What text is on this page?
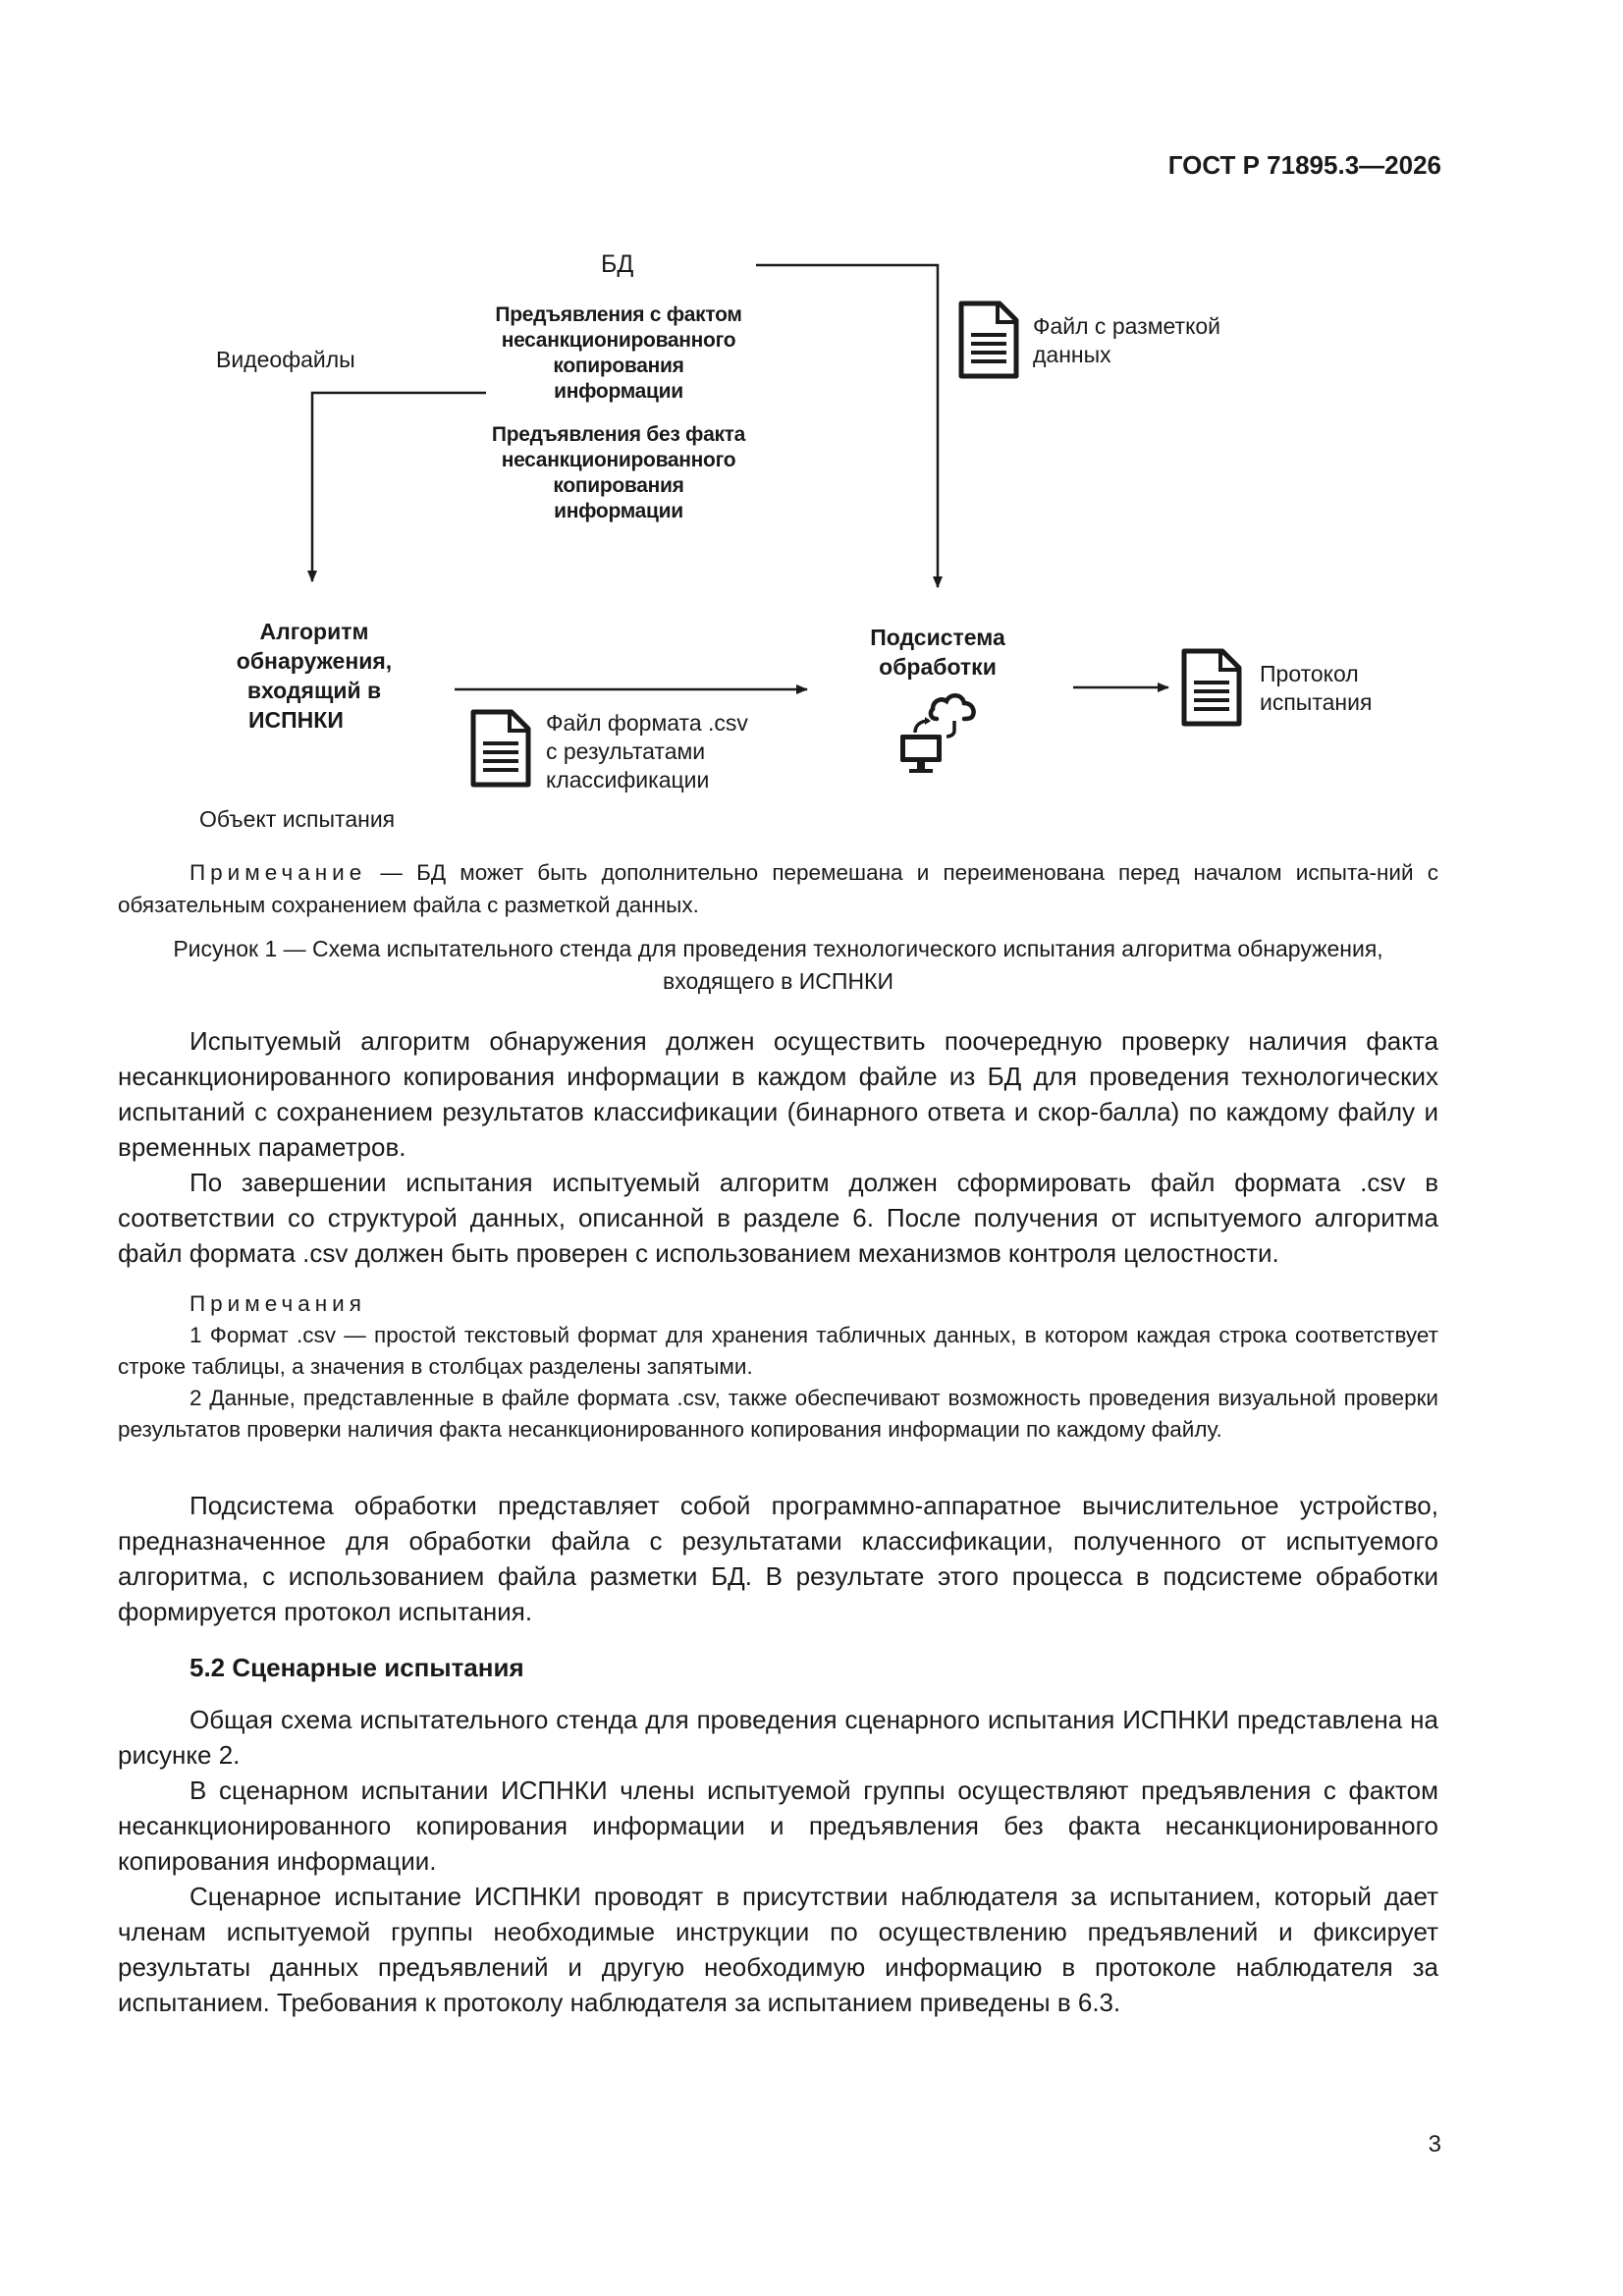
ГОСТ Р 71895.3—2026
БД
Предъявления с фактом
несанкционированного
копирования
информации
Предъявления без факта
несанкционированного
копирования
информации
Видеофайлы
Файл с разметкой
данных
Алгоритм
обнаружения,
входящий в
ИСПНКИ
Объект испытания
Файл формата .csv
с результатами
классификации
Подсистема
обработки	Протокол
испытания
Примечание — БД может быть дополнительно перемешана и переименована перед началом испыта-ний с обязательным сохранением файла с разметкой данных.
Рисунок 1 — Схема испытательного стенда для проведения технологического испытания алгоритма обнаружения, входящего в ИСПНКИ

Испытуемый алгоритм обнаружения должен осуществить поочередную проверку наличия факта несанкционированного копирования информации в каждом файле из БД для проведения технологических испытаний с сохранением результатов классификации (бинарного ответа и скор-балла) по каждому файлу и временных параметров.

По завершении испытания испытуемый алгоритм должен сформировать файл формата .csv в соответствии со структурой данных, описанной в разделе 6. После получения от испытуемого алгоритма файл формата .csv должен быть проверен с использованием механизмов контроля целостности.

Примечания
1 Формат .csv — простой текстовый формат для хранения табличных данных, в котором каждая строка соответствует строке таблицы, а значения в столбцах разделены запятыми.
2 Данные, представленные в файле формата .csv, также обеспечивают возможность проведения визуальной проверки результатов проверки наличия факта несанкционированного копирования информации по каждому файлу.

Подсистема обработки представляет собой программно-аппаратное вычислительное устройство, предназначенное для обработки файла с результатами классификации, полученного от испытуемого алгоритма, с использованием файла разметки БД. В результате этого процесса в подсистеме обработки формируется протокол испытания.

5.2 Сценарные испытания

Общая схема испытательного стенда для проведения сценарного испытания ИСПНКИ представлена на рисунке 2.

В сценарном испытании ИСПНКИ члены испытуемой группы осуществляют предъявления с фактом несанкционированного копирования информации и предъявления без факта несанкционированного копирования информации.

Сценарное испытание ИСПНКИ проводят в присутствии наблюдателя за испытанием, который дает членам испытуемой группы необходимые инструкции по осуществлению предъявлений и фиксирует результаты данных предъявлений и другую необходимую информацию в протоколе наблюдателя за испытанием. Требования к протоколу наблюдателя за испытанием приведены в 6.3.

3
